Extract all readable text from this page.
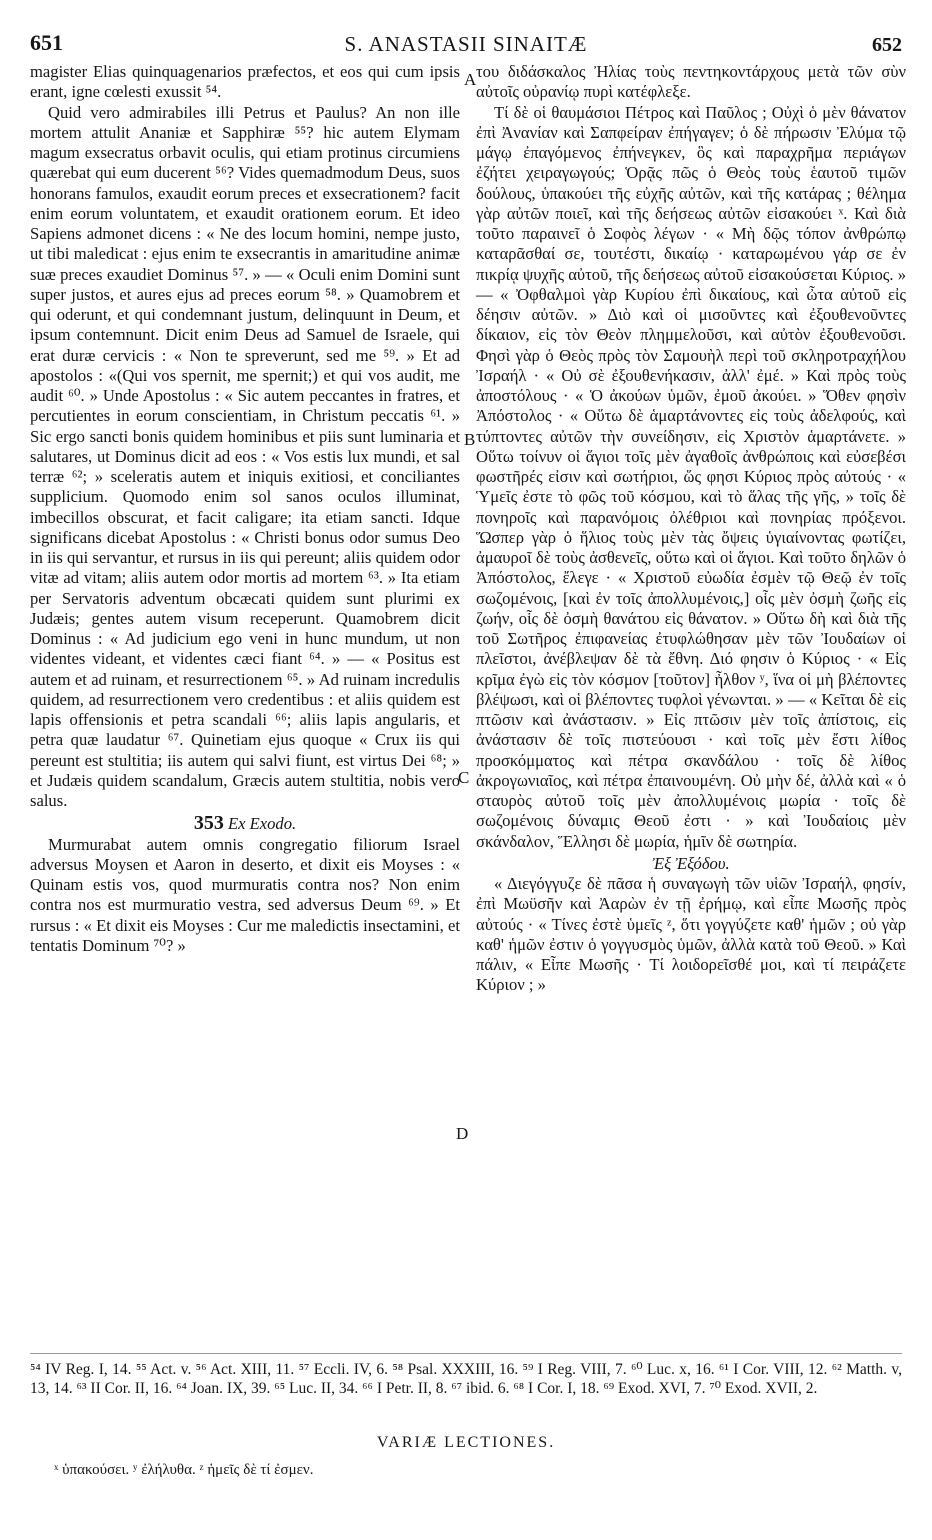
651	S. ANASTASII SINAITÆ	652

magister Elias quinquagenarios præfectos, et eos qui cum ipsis erant, igne cœlesti exussit ⁵⁴.

Quid vero admirabiles illi Petrus et Paulus? An non ille mortem attulit Ananiæ et Sapphiræ ⁵⁵? hic autem Elymam magum exsecratus orbavit oculis, qui etiam protinus circumiens quærebat qui eum ducerent ⁵⁶? Vides quemadmodum Deus, suos honorans famulos, exaudit eorum preces et exsecrationem? facit enim eorum voluntatem, et exaudit orationem eorum. Et ideo Sapiens admonet dicens : « Ne des locum homini, nempe justo, ut tibi maledicat : ejus enim te exsecrantis in amaritudine animæ suæ preces exaudiet Dominus ⁵⁷. » — « Oculi enim Domini sunt super justos, et aures ejus ad preces eorum ⁵⁸. » Quamobrem et qui oderunt, et qui condemnant justum, delinquunt in Deum, et ipsum contemnunt. Dicit enim Deus ad Samuel de Israele, qui erat duræ cervicis : « Non te spreverunt, sed me ⁵⁹. » Et ad apostolos : «(Qui vos spernit, me spernit;) et qui vos audit, me audit ⁶⁰. » Unde Apostolus : « Sic autem peccantes in fratres, et percutientes in eorum conscientiam, in Christum peccatis ⁶¹. » Sic ergo sancti bonis quidem hominibus et piis sunt luminaria et salutares, ut Dominus dicit ad eos : « Vos estis lux mundi, et sal terræ ⁶²; » sceleratis autem et iniquis exitiosi, et conciliantes supplicium. Quomodo enim sol sanos oculos illuminat, imbecillos obscurat, et facit caligare; ita etiam sancti. Idque significans dicebat Apostolus : « Christi bonus odor sumus Deo in iis qui servantur, et rursus in iis qui pereunt; aliis quidem odor vitæ ad vitam; aliis autem odor mortis ad mortem ⁶³. » Ita etiam per Servatoris adventum obcæcati quidem sunt plurimi ex Judæis; gentes autem visum receperunt. Quamobrem dicit Dominus : « Ad judicium ego veni in hunc mundum, ut non videntes videant, et videntes cæci fiant ⁶⁴. » — « Positus est autem et ad ruinam, et resurrectionem ⁶⁵. » Ad ruinam incredulis quidem, ad resurrectionem vero credentibus : et aliis quidem est lapis offensionis et petra scandali ⁶⁶; aliis lapis angularis, et petra quæ laudatur ⁶⁷. Quinetiam ejus quoque « Crux iis qui pereunt est stultitia; iis autem qui salvi fiunt, est virtus Dei ⁶⁸; » et Judæis quidem scandalum, Græcis autem stultitia, nobis vero salus.

353 Ex Exodo.

Murmurabat autem omnis congregatio filiorum Israel adversus Moysen et Aaron in deserto, et dixit eis Moyses : « Quinam estis vos, quod murmuratis contra nos? Non enim contra nos est murmuratio vestra, sed adversus Deum ⁶⁹. » Et rursus : « Et dixit eis Moyses : Cur me maledictis insectamini, et tentatis Dominum ⁷⁰? »

του διδάσκαλος Ἠλίας τοὺς πεντηκοντάρχους μετὰ τῶν σὺν αὐτοῖς οὐρανίῳ πυρὶ κατέφλεξε.

Τί δὲ οἱ θαυμάσιοι Πέτρος καὶ Παῦλος ; Οὐχὶ ὁ μὲν θάνατον ἐπὶ Ἀνανίαν καὶ Σαπφείραν ἐπήγαγεν; ὁ δὲ πήρωσιν Ἐλύμα τῷ μάγῳ ἐπαγόμενος ἐπήνεγκεν, ὃς καὶ παραχρῆμα περιάγων ἐζήτει χειραγωγούς; Ὁρᾷς πῶς ὁ Θεὸς τοὺς ἑαυτοῦ τιμῶν δούλους, ὑπακούει τῆς εὐχῆς αὐτῶν, καὶ τῆς κατάρας ; θέλημα γὰρ αὐτῶν ποιεῖ, καὶ τῆς δεήσεως αὐτῶν εἰσακούει ˣ. Καὶ διὰ τοῦτο παραινεῖ ὁ Σοφὸς λέγων · « Μὴ δῷς τόπον ἀνθρώπῳ καταρᾶσθαί σε, τουτέστι, δικαίῳ · καταρωμένου γάρ σε ἐν πικρίᾳ ψυχῆς αὐτοῦ, τῆς δεήσεως αὐτοῦ εἰσακούσεται Κύριος. » — « Ὀφθαλμοὶ γὰρ Κυρίου ἐπὶ δικαίους, καὶ ὦτα αὐτοῦ εἰς δέησιν αὐτῶν. » Διὸ καὶ οἱ μισοῦντες καὶ ἐξουθενοῦντες δίκαιον, εἰς τὸν Θεὸν πλημμελοῦσι, καὶ αὐτὸν ἐξουθενοῦσι. Φησὶ γὰρ ὁ Θεὸς πρὸς τὸν Σαμουὴλ περὶ τοῦ σκληροτραχήλου Ἰσραήλ · « Οὐ σὲ ἐξουθενήκασιν, ἀλλ' ἐμέ. » Καὶ πρὸς τοὺς ἀποστόλους · « Ὁ ἀκούων ὑμῶν, ἐμοῦ ἀκούει. » Ὅθεν φησὶν Ἀπόστολος · « Οὕτω δὲ ἁμαρτάνοντες εἰς τοὺς ἀδελφούς, καὶ τύπτοντες αὐτῶν τὴν συνείδησιν, εἰς Χριστὸν ἁμαρτάνετε. » Οὕτω τοίνυν οἱ ἅγιοι τοῖς μὲν ἀγαθοῖς ἀνθρώποις καὶ εὐσεβέσι φωστῆρές εἰσιν καὶ σωτήριοι, ὥς φησι Κύριος πρὸς αὐτούς · « Ὑμεῖς ἐστε τὸ φῶς τοῦ κόσμου, καὶ τὸ ἅλας τῆς γῆς, » τοῖς δὲ πονηροῖς καὶ παρανόμοις ὀλέθριοι καὶ πονηρίας πρόξενοι. Ὥσπερ γὰρ ὁ ἥλιος τοὺς μὲν τὰς ὄψεις ὑγιαίνοντας φωτίζει, ἀμαυροῖ δὲ τοὺς ἀσθενεῖς, οὕτω καὶ οἱ ἅγιοι. Καὶ τοῦτο δηλῶν ὁ Ἀπόστολος, ἔλεγε · « Χριστοῦ εὐωδία ἐσμὲν τῷ Θεῷ ἐν τοῖς σωζομένοις, [καὶ ἐν τοῖς ἀπολλυμένοις,] οἷς μὲν ὀσμὴ ζωῆς εἰς ζωήν, οἷς δὲ ὀσμὴ θανάτου εἰς θάνατον. » Οὕτω δὴ καὶ διὰ τῆς τοῦ Σωτῆρος ἐπιφανείας ἐτυφλώθησαν μὲν τῶν Ἰουδαίων οἱ πλεῖστοι, ἀνέβλεψαν δὲ τὰ ἔθνη. Διό φησιν ὁ Κύριος · « Εἰς κρῖμα ἐγὼ εἰς τὸν κόσμον [τοῦτον] ἦλθον ʸ, ἵνα οἱ μὴ βλέποντες βλέψωσι, καὶ οἱ βλέποντες τυφλοὶ γένωνται. » — « Κεῖται δὲ εἰς πτῶσιν καὶ ἀνάστασιν. » Εἰς πτῶσιν μὲν τοῖς ἀπίστοις, εἰς ἀνάστασιν δὲ τοῖς πιστεύουσι · καὶ τοῖς μὲν ἔστι λίθος προσκόμματος καὶ πέτρα σκανδάλου · τοῖς δὲ λίθος ἀκρογωνιαῖος, καὶ πέτρα ἐπαινουμένη. Οὐ μὴν δέ, ἀλλὰ καὶ « ὁ σταυρὸς αὐτοῦ τοῖς μὲν ἀπολλυμένοις μωρία · τοῖς δὲ σωζομένοις δύναμις Θεοῦ ἐστι · » καὶ Ἰουδαίοις μὲν σκάνδαλον, Ἕλλησι δὲ μωρία, ἡμῖν δὲ σωτηρία.

Ἐξ Ἐξόδου.

« Διεγόγγυζε δὲ πᾶσα ἡ συναγωγὴ τῶν υἱῶν Ἰσραήλ, φησίν, ἐπὶ Μωϋσῆν καὶ Ἀαρὼν ἐν τῇ ἐρήμῳ, καὶ εἶπε Μωσῆς πρὸς αὐτούς · « Τίνες ἐστὲ ὑμεῖς ᶻ, ὅτι γογγύζετε καθ' ἡμῶν ; οὐ γὰρ καθ' ἡμῶν ἐστιν ὁ γογγυσμὸς ὑμῶν, ἀλλὰ κατὰ τοῦ Θεοῦ. » Καὶ πάλιν, « Εἶπε Μωσῆς · Τί λοιδορεῖσθέ μοι, καὶ τί πειράζετε Κύριον ; »

A
B
C
D

⁵⁴ IV Reg. I, 14. ⁵⁵ Act. v. ⁵⁶ Act. XIII, 11. ⁵⁷ Eccli. IV, 6. ⁵⁸ Psal. XXXIII, 16. ⁵⁹ I Reg. VIII, 7. ⁶⁰ Luc. x, 16. ⁶¹ I Cor. VIII, 12. ⁶² Matth. v, 13, 14. ⁶³ II Cor. II, 16. ⁶⁴ Joan. IX, 39. ⁶⁵ Luc. II, 34. ⁶⁶ I Petr. II, 8. ⁶⁷ ibid. 6. ⁶⁸ I Cor. I, 18. ⁶⁹ Exod. XVI, 7. ⁷⁰ Exod. XVII, 2.

VARIÆ LECTIONES.
ˣ ὑπακούσει. ʸ ἐλήλυθα. ᶻ ἡμεῖς δὲ τί ἐσμεν.
